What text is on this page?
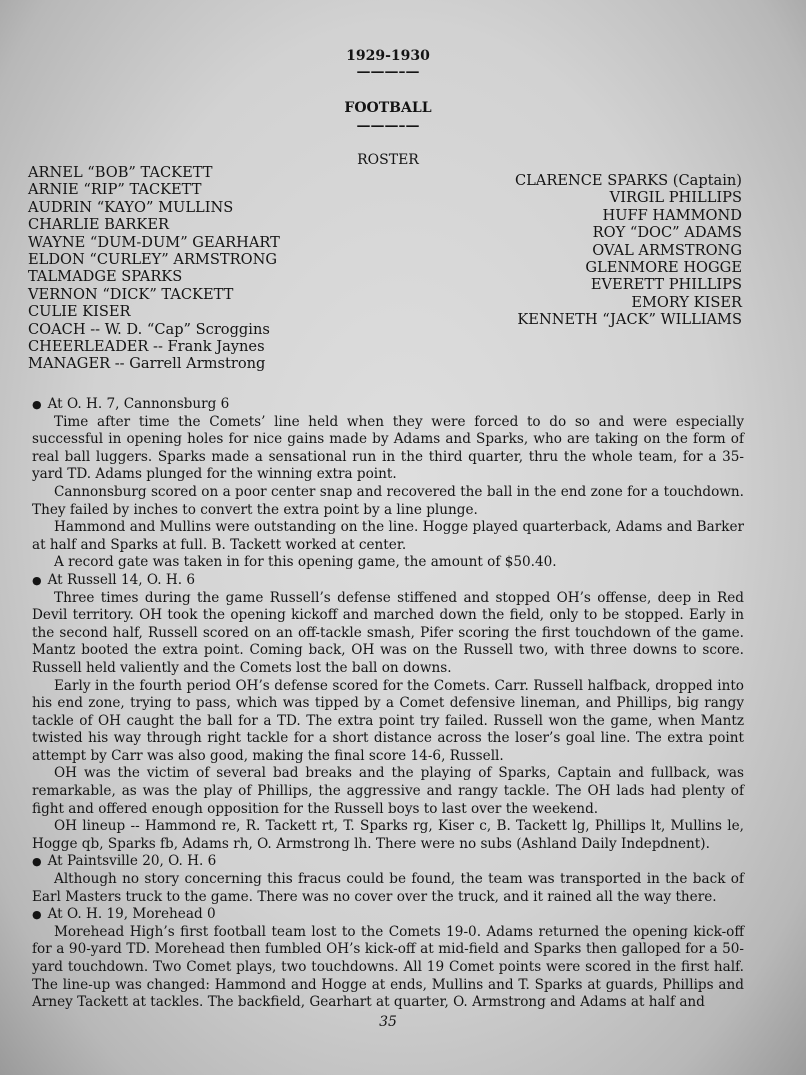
1929-1930
———–—
FOOTBALL
———–—
ROSTER
ARNEL “BOB” TACKETT
ARNIE “RIP” TACKETT
AUDRIN “KAYO” MULLINS
CHARLIE BARKER
WAYNE “DUM-DUM” GEARHART
ELDON “CURLEY” ARMSTRONG
TALMADGE SPARKS
VERNON “DICK” TACKETT
CULIE KISER
COACH -- W. D. “Cap” Scroggins
CHEERLEADER -- Frank Jaynes
MANAGER -- Garrell Armstrong
CLARENCE SPARKS (Captain)
VIRGIL PHILLIPS
HUFF HAMMOND
ROY “DOC” ADAMS
OVAL ARMSTRONG
GLENMORE HOGGE
EVERETT PHILLIPS
EMORY KISER
KENNETH “JACK” WILLIAMS

● At O. H. 7, Cannonsburg 6

Time after time the Comets’ line held when they were forced to do so and were especially successful in opening holes for nice gains made by Adams and Sparks, who are taking on the form of real ball luggers. Sparks made a sensational run in the third quarter, thru the whole team, for a 35-yard TD. Adams plunged for the winning extra point.

Cannonsburg scored on a poor center snap and recovered the ball in the end zone for a touchdown. They failed by inches to convert the extra point by a line plunge.

Hammond and Mullins were outstanding on the line. Hogge played quarterback, Adams and Barker at half and Sparks at full. B. Tackett worked at center.

A record gate was taken in for this opening game, the amount of $50.40.

● At Russell 14, O. H. 6

Three times during the game Russell’s defense stiffened and stopped OH’s offense, deep in Red Devil territory. OH took the opening kickoff and marched down the field, only to be stopped. Early in the second half, Russell scored on an off-tackle smash, Pifer scoring the first touchdown of the game. Mantz booted the extra point. Coming back, OH was on the Russell two, with three downs to score. Russell held valiently and the Comets lost the ball on downs.

Early in the fourth period OH’s defense scored for the Comets. Carr. Russell halfback, dropped into his end zone, trying to pass, which was tipped by a Comet defensive lineman, and Phillips, big rangy tackle of OH caught the ball for a TD. The extra point try failed. Russell won the game, when Mantz twisted his way through right tackle for a short distance across the loser’s goal line. The extra point attempt by Carr was also good, making the final score 14-6, Russell.

OH was the victim of several bad breaks and the playing of Sparks, Captain and fullback, was remarkable, as was the play of Phillips, the aggressive and rangy tackle. The OH lads had plenty of fight and offered enough opposition for the Russell boys to last over the weekend.

OH lineup -- Hammond re, R. Tackett rt, T. Sparks rg, Kiser c, B. Tackett lg, Phillips lt, Mullins le, Hogge qb, Sparks fb, Adams rh, O. Armstrong lh. There were no subs (Ashland Daily Indepdnent).

● At Paintsville 20, O. H. 6

Although no story concerning this fracus could be found, the team was transported in the back of Earl Masters truck to the game. There was no cover over the truck, and it rained all the way there.

● At O. H. 19, Morehead 0

Morehead High’s first football team lost to the Comets 19-0. Adams returned the opening kick-off for a 90-yard TD. Morehead then fumbled OH’s kick-off at mid-field and Sparks then galloped for a 50-yard touchdown. Two Comet plays, two touchdowns. All 19 Comet points were scored in the first half. The line-up was changed: Hammond and Hogge at ends, Mullins and T. Sparks at guards, Phillips and Arney Tackett at tackles. The backfield, Gearhart at quarter, O. Armstrong and Adams at half and

35
